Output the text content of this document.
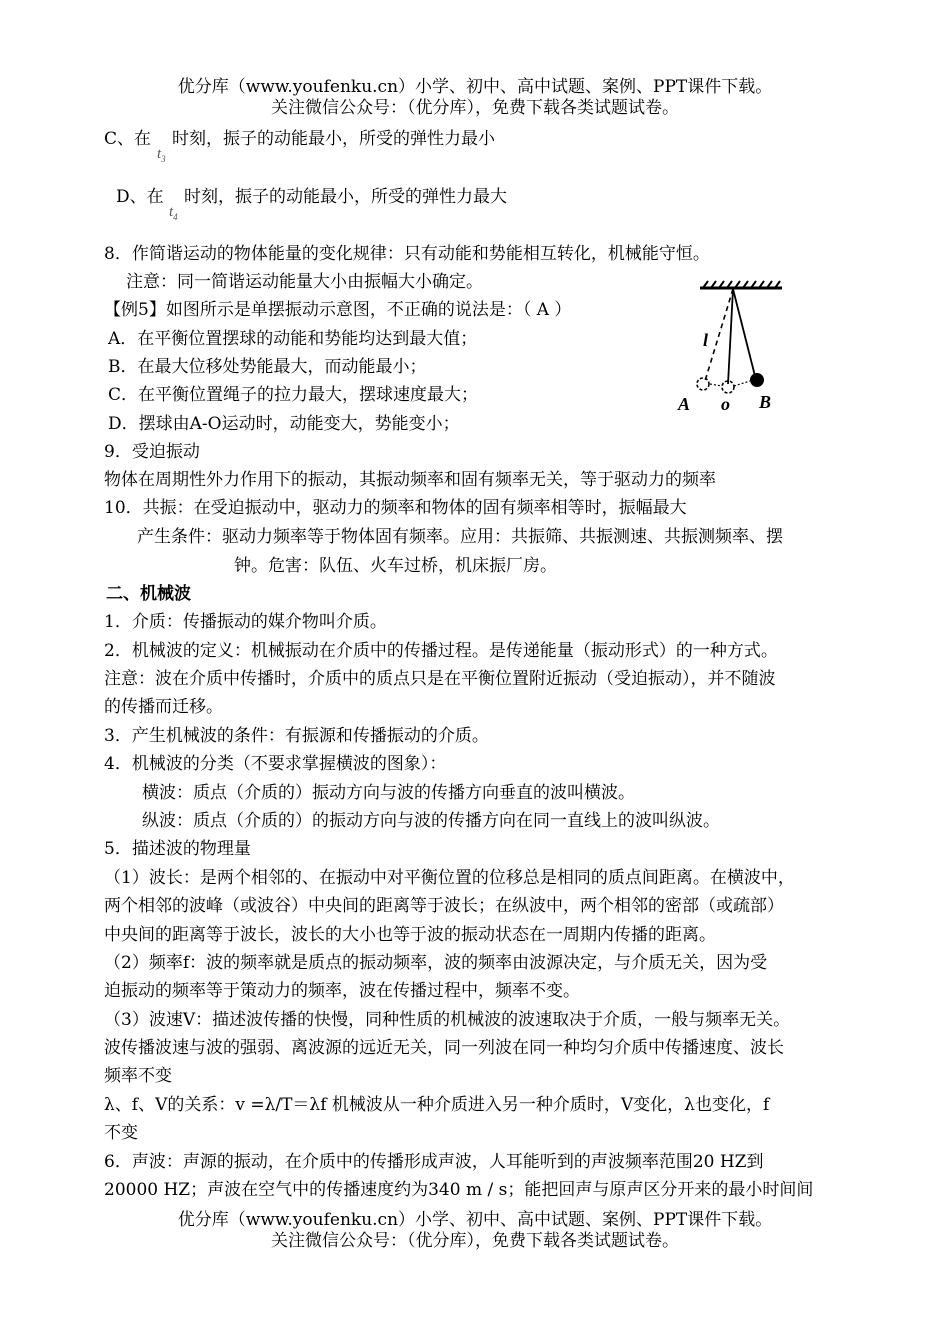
优分库（www.youfenku.cn）小学、初中、高中试题、案例、PPT课件下载。
关注微信公众号：（优分库），免费下载各类试题试卷。
C、在
$t_3$
时刻，振子的动能最小，所受的弹性力最小
D、在
$t_4$
时刻，振子的动能最小，所受的弹性力最大
8．作简谐运动的物体能量的变化规律：只有动能和势能相互转化，机械能守恒。
注意：同一简谐运动能量大小由振幅大小确定。
【例5】如图所示是单摆振动示意图，不正确的说法是：（ A ）
A．在平衡位置摆球的动能和势能均达到最大值；
B．在最大位移处势能最大，而动能最小；
C．在平衡位置绳子的拉力最大，摆球速度最大；
D．摆球由A-O运动时，动能变大，势能变小；
l
A o B
9．受迫振动
物体在周期性外力作用下的振动，其振动频率和固有频率无关，等于驱动力的频率
10．共振：在受迫振动中，驱动力的频率和物体的固有频率相等时，振幅最大
产生条件：驱动力频率等于物体固有频率。应用：共振筛、共振测速、共振测频率、摆
钟。危害：队伍、火车过桥，机床振厂房。
二、机械波
1．介质：传播振动的媒介物叫介质。
2．机械波的定义：机械振动在介质中的传播过程。是传递能量（振动形式）的一种方式。
注意：波在介质中传播时，介质中的质点只是在平衡位置附近振动（受迫振动），并不随波
的传播而迁移。
3．产生机械波的条件：有振源和传播振动的介质。
4．机械波的分类（不要求掌握横波的图象）：
横波：质点（介质的）振动方向与波的传播方向垂直的波叫横波。
纵波：质点（介质的）的振动方向与波的传播方向在同一直线上的波叫纵波。
5．描述波的物理量
（1）波长：是两个相邻的、在振动中对平衡位置的位移总是相同的质点间距离。在横波中，
两个相邻的波峰（或波谷）中央间的距离等于波长；在纵波中，两个相邻的密部（或疏部）
中央间的距离等于波长，波长的大小也等于波的振动状态在一周期内传播的距离。
（2）频率f：波的频率就是质点的振动频率，波的频率由波源决定，与介质无关，因为受
迫振动的频率等于策动力的频率，波在传播过程中，频率不变。
（3）波速V：描述波传播的快慢，同种性质的机械波的波速取决于介质，一般与频率无关。
波传播波速与波的强弱、离波源的远近无关，同一列波在同一种均匀介质中传播速度、波长
频率不变
λ、f、V的关系：v =λ/T＝λf 机械波从一种介质进入另一种介质时，V变化，λ也变化，f
不变
6．声波：声源的振动，在介质中的传播形成声波，人耳能听到的声波频率范围20 HZ到
20000 HZ；声波在空气中的传播速度约为340 m / s；能把回声与原声区分开来的最小时间间
优分库（www.youfenku.cn）小学、初中、高中试题、案例、PPT课件下载。
关注微信公众号：（优分库），免费下载各类试题试卷。
